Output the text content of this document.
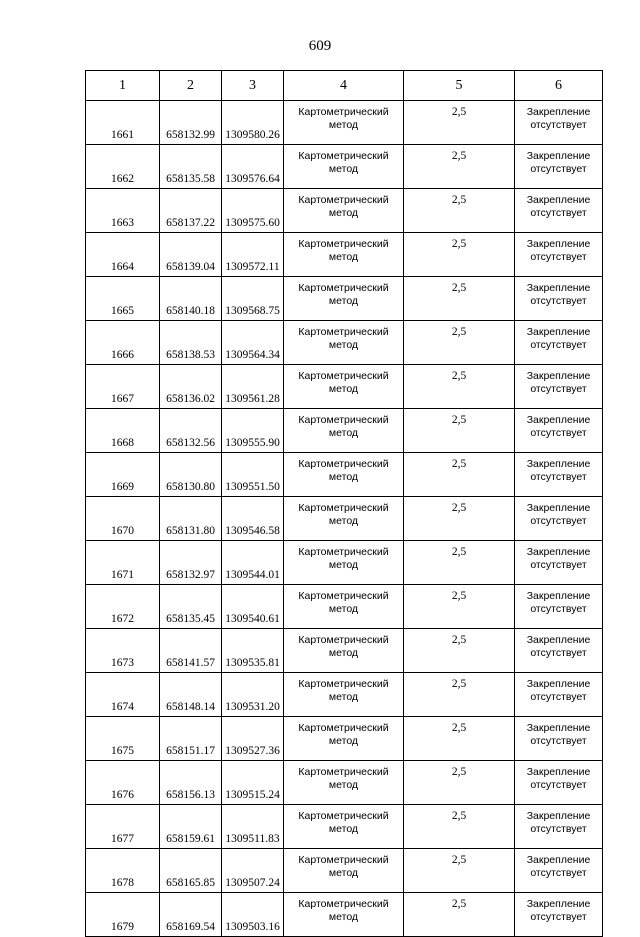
609
1	2	3	4	5	6
1661	658132.99	1309580.26	Картометрический метод	2,5	Закрепление отсутствует
1662	658135.58	1309576.64	Картометрический метод	2,5	Закрепление отсутствует
1663	658137.22	1309575.60	Картометрический метод	2,5	Закрепление отсутствует
1664	658139.04	1309572.11	Картометрический метод	2,5	Закрепление отсутствует
1665	658140.18	1309568.75	Картометрический метод	2,5	Закрепление отсутствует
1666	658138.53	1309564.34	Картометрический метод	2,5	Закрепление отсутствует
1667	658136.02	1309561.28	Картометрический метод	2,5	Закрепление отсутствует
1668	658132.56	1309555.90	Картометрический метод	2,5	Закрепление отсутствует
1669	658130.80	1309551.50	Картометрический метод	2,5	Закрепление отсутствует
1670	658131.80	1309546.58	Картометрический метод	2,5	Закрепление отсутствует
1671	658132.97	1309544.01	Картометрический метод	2,5	Закрепление отсутствует
1672	658135.45	1309540.61	Картометрический метод	2,5	Закрепление отсутствует
1673	658141.57	1309535.81	Картометрический метод	2,5	Закрепление отсутствует
1674	658148.14	1309531.20	Картометрический метод	2,5	Закрепление отсутствует
1675	658151.17	1309527.36	Картометрический метод	2,5	Закрепление отсутствует
1676	658156.13	1309515.24	Картометрический метод	2,5	Закрепление отсутствует
1677	658159.61	1309511.83	Картометрический метод	2,5	Закрепление отсутствует
1678	658165.85	1309507.24	Картометрический метод	2,5	Закрепление отсутствует
1679	658169.54	1309503.16	Картометрический метод	2,5	Закрепление отсутствует
